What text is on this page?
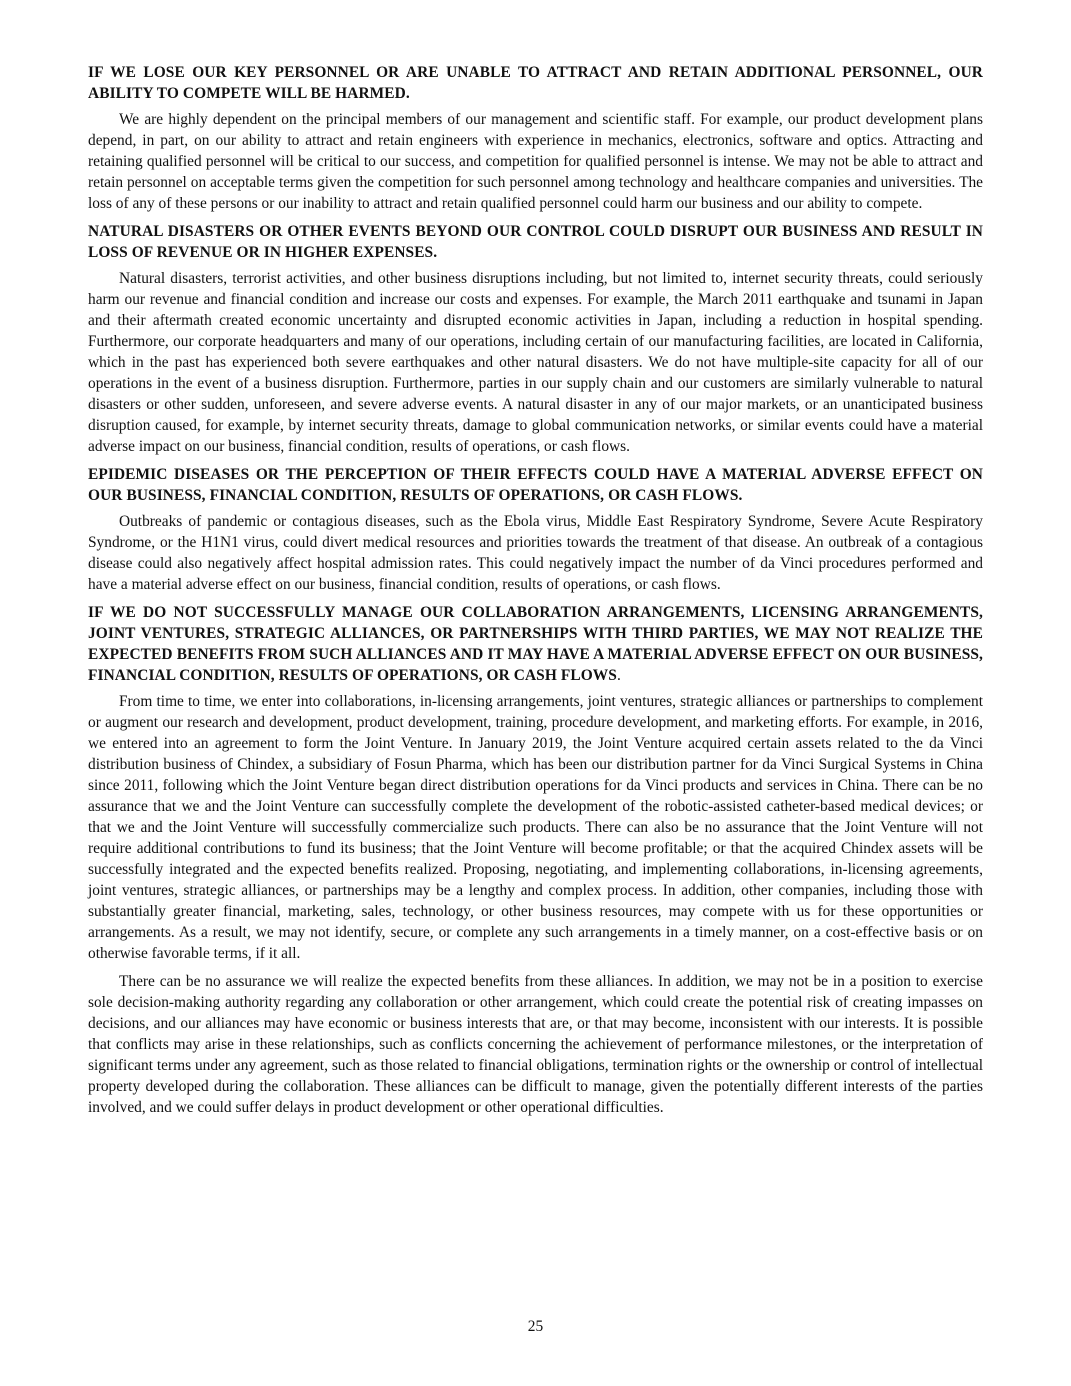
IF WE LOSE OUR KEY PERSONNEL OR ARE UNABLE TO ATTRACT AND RETAIN ADDITIONAL PERSONNEL, OUR ABILITY TO COMPETE WILL BE HARMED.

We are highly dependent on the principal members of our management and scientific staff. For example, our product development plans depend, in part, on our ability to attract and retain engineers with experience in mechanics, electronics, software and optics. Attracting and retaining qualified personnel will be critical to our success, and competition for qualified personnel is intense. We may not be able to attract and retain personnel on acceptable terms given the competition for such personnel among technology and healthcare companies and universities. The loss of any of these persons or our inability to attract and retain qualified personnel could harm our business and our ability to compete.

NATURAL DISASTERS OR OTHER EVENTS BEYOND OUR CONTROL COULD DISRUPT OUR BUSINESS AND RESULT IN LOSS OF REVENUE OR IN HIGHER EXPENSES.

Natural disasters, terrorist activities, and other business disruptions including, but not limited to, internet security threats, could seriously harm our revenue and financial condition and increase our costs and expenses. For example, the March 2011 earthquake and tsunami in Japan and their aftermath created economic uncertainty and disrupted economic activities in Japan, including a reduction in hospital spending. Furthermore, our corporate headquarters and many of our operations, including certain of our manufacturing facilities, are located in California, which in the past has experienced both severe earthquakes and other natural disasters. We do not have multiple-site capacity for all of our operations in the event of a business disruption. Furthermore, parties in our supply chain and our customers are similarly vulnerable to natural disasters or other sudden, unforeseen, and severe adverse events. A natural disaster in any of our major markets, or an unanticipated business disruption caused, for example, by internet security threats, damage to global communication networks, or similar events could have a material adverse impact on our business, financial condition, results of operations, or cash flows.

EPIDEMIC DISEASES OR THE PERCEPTION OF THEIR EFFECTS COULD HAVE A MATERIAL ADVERSE EFFECT ON OUR BUSINESS, FINANCIAL CONDITION, RESULTS OF OPERATIONS, OR CASH FLOWS.

Outbreaks of pandemic or contagious diseases, such as the Ebola virus, Middle East Respiratory Syndrome, Severe Acute Respiratory Syndrome, or the H1N1 virus, could divert medical resources and priorities towards the treatment of that disease. An outbreak of a contagious disease could also negatively affect hospital admission rates. This could negatively impact the number of da Vinci procedures performed and have a material adverse effect on our business, financial condition, results of operations, or cash flows.

IF WE DO NOT SUCCESSFULLY MANAGE OUR COLLABORATION ARRANGEMENTS, LICENSING ARRANGEMENTS, JOINT VENTURES, STRATEGIC ALLIANCES, OR PARTNERSHIPS WITH THIRD PARTIES, WE MAY NOT REALIZE THE EXPECTED BENEFITS FROM SUCH ALLIANCES AND IT MAY HAVE A MATERIAL ADVERSE EFFECT ON OUR BUSINESS, FINANCIAL CONDITION, RESULTS OF OPERATIONS, OR CASH FLOWS.

From time to time, we enter into collaborations, in-licensing arrangements, joint ventures, strategic alliances or partnerships to complement or augment our research and development, product development, training, procedure development, and marketing efforts. For example, in 2016, we entered into an agreement to form the Joint Venture. In January 2019, the Joint Venture acquired certain assets related to the da Vinci distribution business of Chindex, a subsidiary of Fosun Pharma, which has been our distribution partner for da Vinci Surgical Systems in China since 2011, following which the Joint Venture began direct distribution operations for da Vinci products and services in China. There can be no assurance that we and the Joint Venture can successfully complete the development of the robotic-assisted catheter-based medical devices; or that we and the Joint Venture will successfully commercialize such products. There can also be no assurance that the Joint Venture will not require additional contributions to fund its business; that the Joint Venture will become profitable; or that the acquired Chindex assets will be successfully integrated and the expected benefits realized. Proposing, negotiating, and implementing collaborations, in-licensing agreements, joint ventures, strategic alliances, or partnerships may be a lengthy and complex process. In addition, other companies, including those with substantially greater financial, marketing, sales, technology, or other business resources, may compete with us for these opportunities or arrangements. As a result, we may not identify, secure, or complete any such arrangements in a timely manner, on a cost-effective basis or on otherwise favorable terms, if it all.

There can be no assurance we will realize the expected benefits from these alliances. In addition, we may not be in a position to exercise sole decision-making authority regarding any collaboration or other arrangement, which could create the potential risk of creating impasses on decisions, and our alliances may have economic or business interests that are, or that may become, inconsistent with our interests. It is possible that conflicts may arise in these relationships, such as conflicts concerning the achievement of performance milestones, or the interpretation of significant terms under any agreement, such as those related to financial obligations, termination rights or the ownership or control of intellectual property developed during the collaboration. These alliances can be difficult to manage, given the potentially different interests of the parties involved, and we could suffer delays in product development or other operational difficulties.

25
